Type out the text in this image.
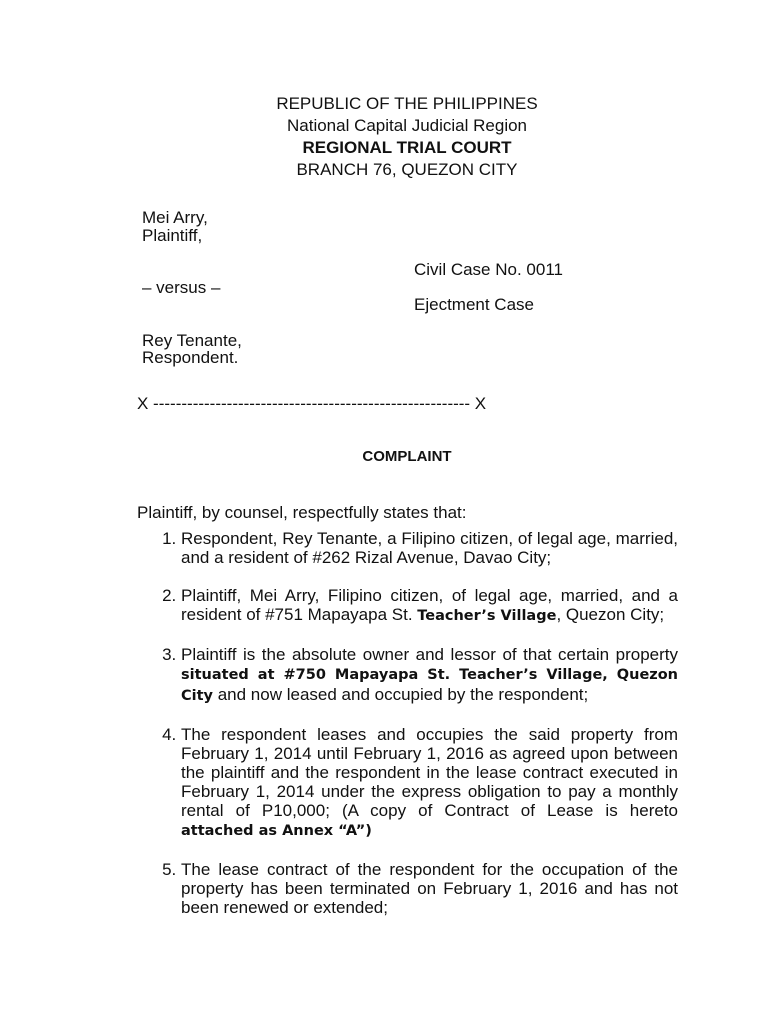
REPUBLIC OF THE PHILIPPINES
National Capital Judicial Region
REGIONAL TRIAL COURT
BRANCH 76, QUEZON CITY
Mei Arry,
Plaintiff,
Civil Case No. 0011
– versus –
Ejectment Case
Rey Tenante,
Respondent.
X -------------------------------------------------------- X
COMPLAINT
Plaintiff, by counsel, respectfully states that:
1. Respondent, Rey Tenante, a Filipino citizen, of legal age, married, and a resident of #262 Rizal Avenue, Davao City;
2. Plaintiff, Mei Arry, Filipino citizen, of legal age, married, and a resident of #751 Mapayapa St. Teacher’s Village, Quezon City;
3. Plaintiff is the absolute owner and lessor of that certain property situated at #750 Mapayapa St. Teacher’s Village, Quezon City and now leased and occupied by the respondent;
4. The respondent leases and occupies the said property from February 1, 2014 until February 1, 2016 as agreed upon between the plaintiff and the respondent in the lease contract executed in February 1, 2014 under the express obligation to pay a monthly rental of P10,000; (A copy of Contract of Lease is hereto attached as Annex “A”)
5. The lease contract of the respondent for the occupation of the property has been terminated on February 1, 2016 and has not been renewed or extended;
